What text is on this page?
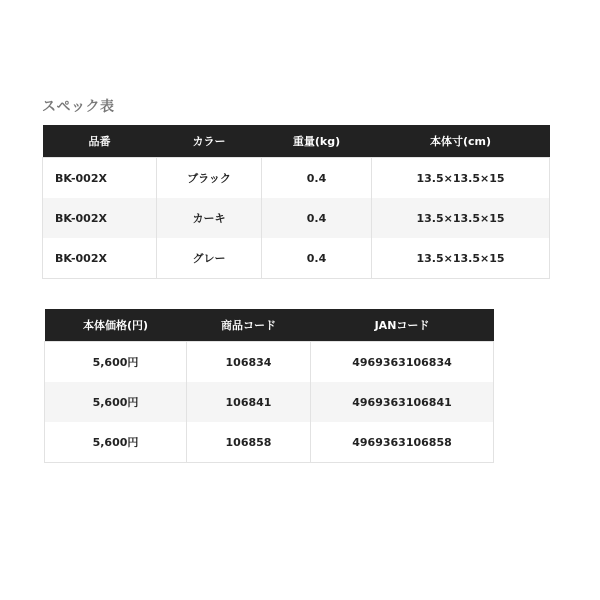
スペック表
品番	カラー	重量(kg)	本体寸(cm)
BK-002X	ブラック	0.4	13.5×13.5×15
BK-002X	カーキ	0.4	13.5×13.5×15
BK-002X	グレー	0.4	13.5×13.5×15
本体価格(円)	商品コード	JANコード
5,600円	106834	4969363106834
5,600円	106841	4969363106841
5,600円	106858	4969363106858
